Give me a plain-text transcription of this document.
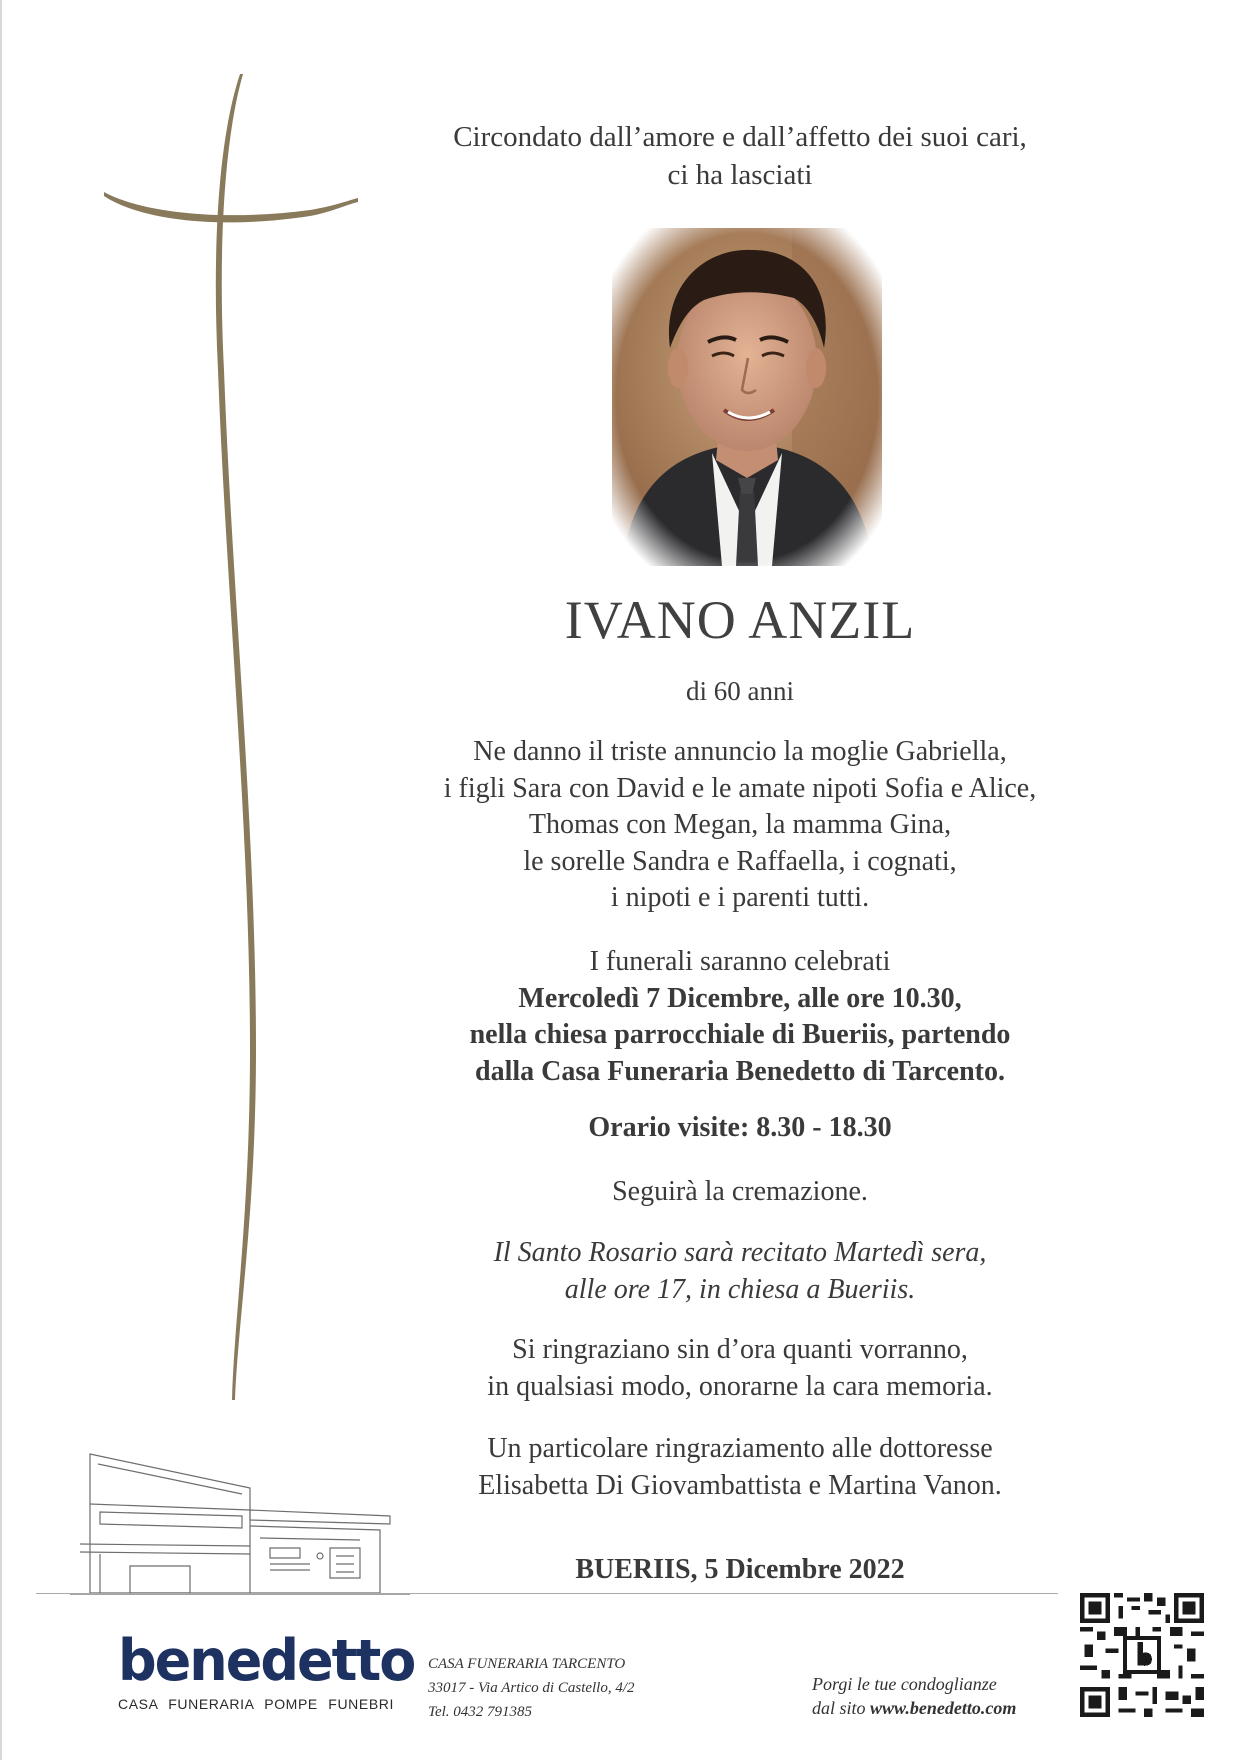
Circondato dall’amore e dall’affetto dei suoi cari,
ci ha lasciati
IVANO ANZIL
di 60 anni
Ne danno il triste annuncio la moglie Gabriella,
i figli Sara con David e le amate nipoti Sofia e Alice,
Thomas con Megan, la mamma Gina,
le sorelle Sandra e Raffaella, i cognati,
i nipoti e i parenti tutti.
I funerali saranno celebrati
Mercoledì 7 Dicembre, alle ore 10.30,
nella chiesa parrocchiale di Bueriis, partendo
dalla Casa Funeraria Benedetto di Tarcento.
Orario visite: 8.30 - 18.30
Seguirà la cremazione.
Il Santo Rosario sarà recitato Martedì sera,
alle ore 17, in chiesa a Bueriis.
Si ringraziano sin d’ora quanti vorranno,
in qualsiasi modo, onorarne la cara memoria.
Un particolare ringraziamento alle dottoresse
Elisabetta Di Giovambattista e Martina Vanon.
BUERIIS, 5 Dicembre 2022
benedetto
CASA FUNERARIA POMPE FUNEBRI
CASA FUNERARIA TARCENTO
33017 - Via Artico di Castello, 4/2
Tel. 0432 791385
Porgi le tue condoglianze
dal sito www.benedetto.com
